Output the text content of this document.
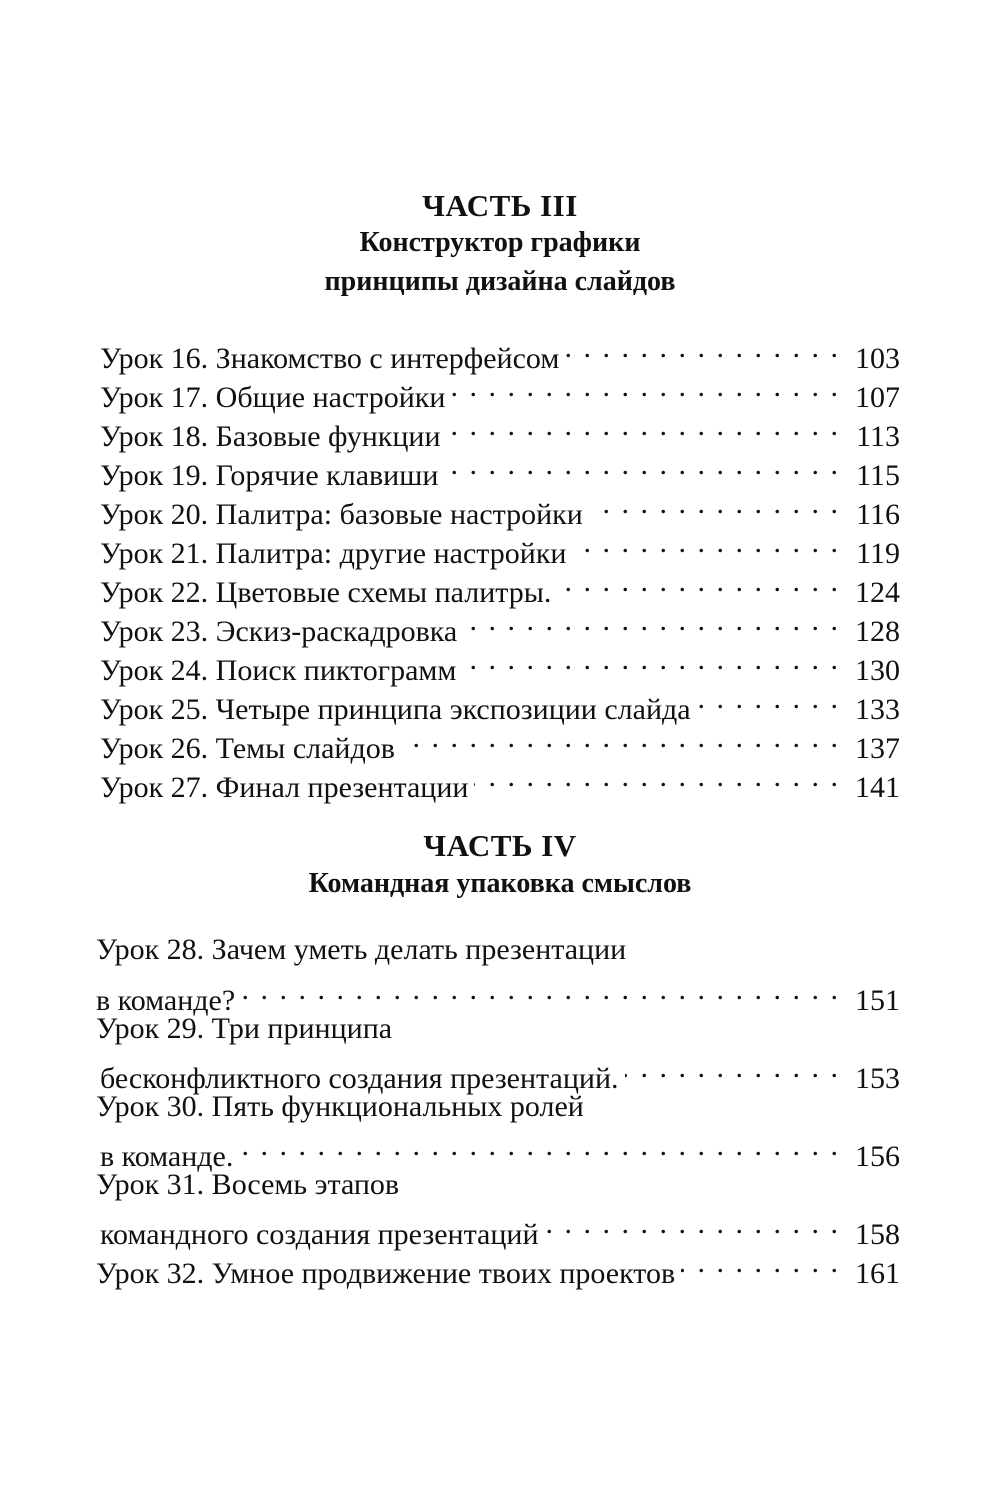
ЧАСТЬ III
Конструктор графики
принципы дизайна слайдов
Урок 16. Знакомство с интерфейсом . . .	103
Урок 17. Общие настройки . . .	107
Урок 18. Базовые функции . . .	113
Урок 19. Горячие клавиши . . .	115
Урок 20. Палитра: базовые настройки . . .	116
Урок 21. Палитра: другие настройки . . .	119
Урок 22. Цветовые схемы палитры. . . .	124
Урок 23. Эскиз-раскадровка . . .	128
Урок 24. Поиск пиктограмм . . .	130
Урок 25. Четыре принципа экспозиции слайда . . .	133
Урок 26. Темы слайдов . . .	137
Урок 27. Финал презентации . . .	141
ЧАСТЬ IV
Командная упаковка смыслов
Урок 28. Зачем уметь делать презентации
в команде? . . .	151
Урок 29. Три принципа
бесконфликтного создания презентаций. . . .	153
Урок 30. Пять функциональных ролей
в команде. . . .	156
Урок 31. Восемь этапов
командного создания презентаций . . .	158
Урок 32. Умное продвижение твоих проектов . . .	161
